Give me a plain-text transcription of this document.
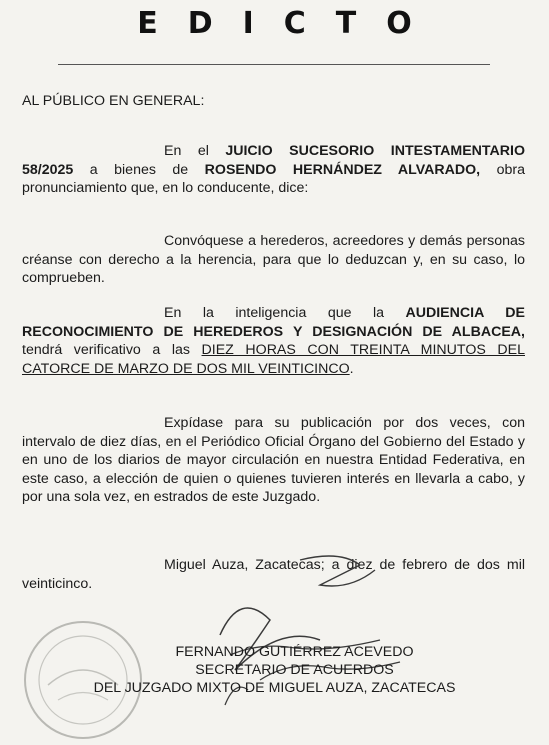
EDICTO
AL PÚBLICO EN GENERAL:
En el JUICIO SUCESORIO INTESTAMENTARIO 58/2025 a bienes de ROSENDO HERNÁNDEZ ALVARADO, obra pronunciamiento que, en lo conducente, dice:
Convóquese a herederos, acreedores y demás personas créanse con derecho a la herencia, para que lo deduzcan y, en su caso, lo comprueben.
En la inteligencia que la AUDIENCIA DE RECONOCIMIENTO DE HEREDEROS Y DESIGNACIÓN DE ALBACEA, tendrá verificativo a las DIEZ HORAS CON TREINTA MINUTOS DEL CATORCE DE MARZO DE DOS MIL VEINTICINCO.
Expídase para su publicación por dos veces, con intervalo de diez días, en el Periódico Oficial Órgano del Gobierno del Estado y en uno de los diarios de mayor circulación en nuestra Entidad Federativa, en este caso, a elección de quien o quienes tuvieren interés en llevarla a cabo, y por una sola vez, en estrados de este Juzgado.
Miguel Auza, Zacatecas; a diez de febrero de dos mil veinticinco.
FERNANDO GUTIÉRREZ ACEVEDO
SECRETARIO DE ACUERDOS
DEL JUZGADO MIXTO DE MIGUEL AUZA, ZACATECAS
